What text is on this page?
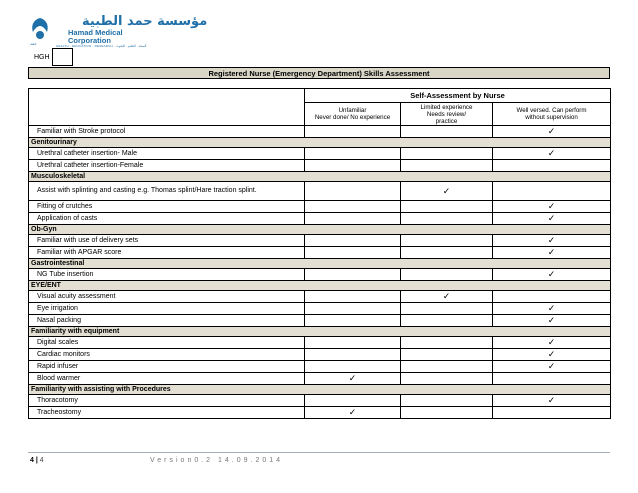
حمد
مؤسسة حمد الطبية
Hamad Medical
Corporation
HEALTH · EDUCATION · RESEARCH · الصحة · التعليم · البحوث
HGH
Registered Nurse (Emergency Department) Skills Assessment
	Self-Assessment by Nurse		
	Unfamiliar
Never done/ No experience	Limited experience
Needs review/
practice	Well versed. Can perform
without supervision
Familiar with Stroke protocol			✓
Genitourinary			
Urethral catheter insertion- Male			✓
Urethral catheter insertion-Female			
Musculoskeletal			
Assist with splinting and casting e.g. Thomas splint/Hare traction splint.		✓	
Fitting of crutches			✓
Application of casts			✓
Ob-Gyn			
Familiar with use of delivery sets			✓
Familiar with APGAR score			✓
Gastrointestinal			
NG Tube insertion			✓
EYE/ENT			
Visual acuity assessment		✓	
Eye irrigation			✓
Nasal packing			✓
Familiarity with equipment			
Digital scales			✓
Cardiac monitors			✓
Rapid infuser			✓
Blood warmer	✓		
Familiarity with assisting with Procedures			
Thoracotomy			✓
Tracheostomy	✓		
4 | 4	Version0.2 14.09.2014
